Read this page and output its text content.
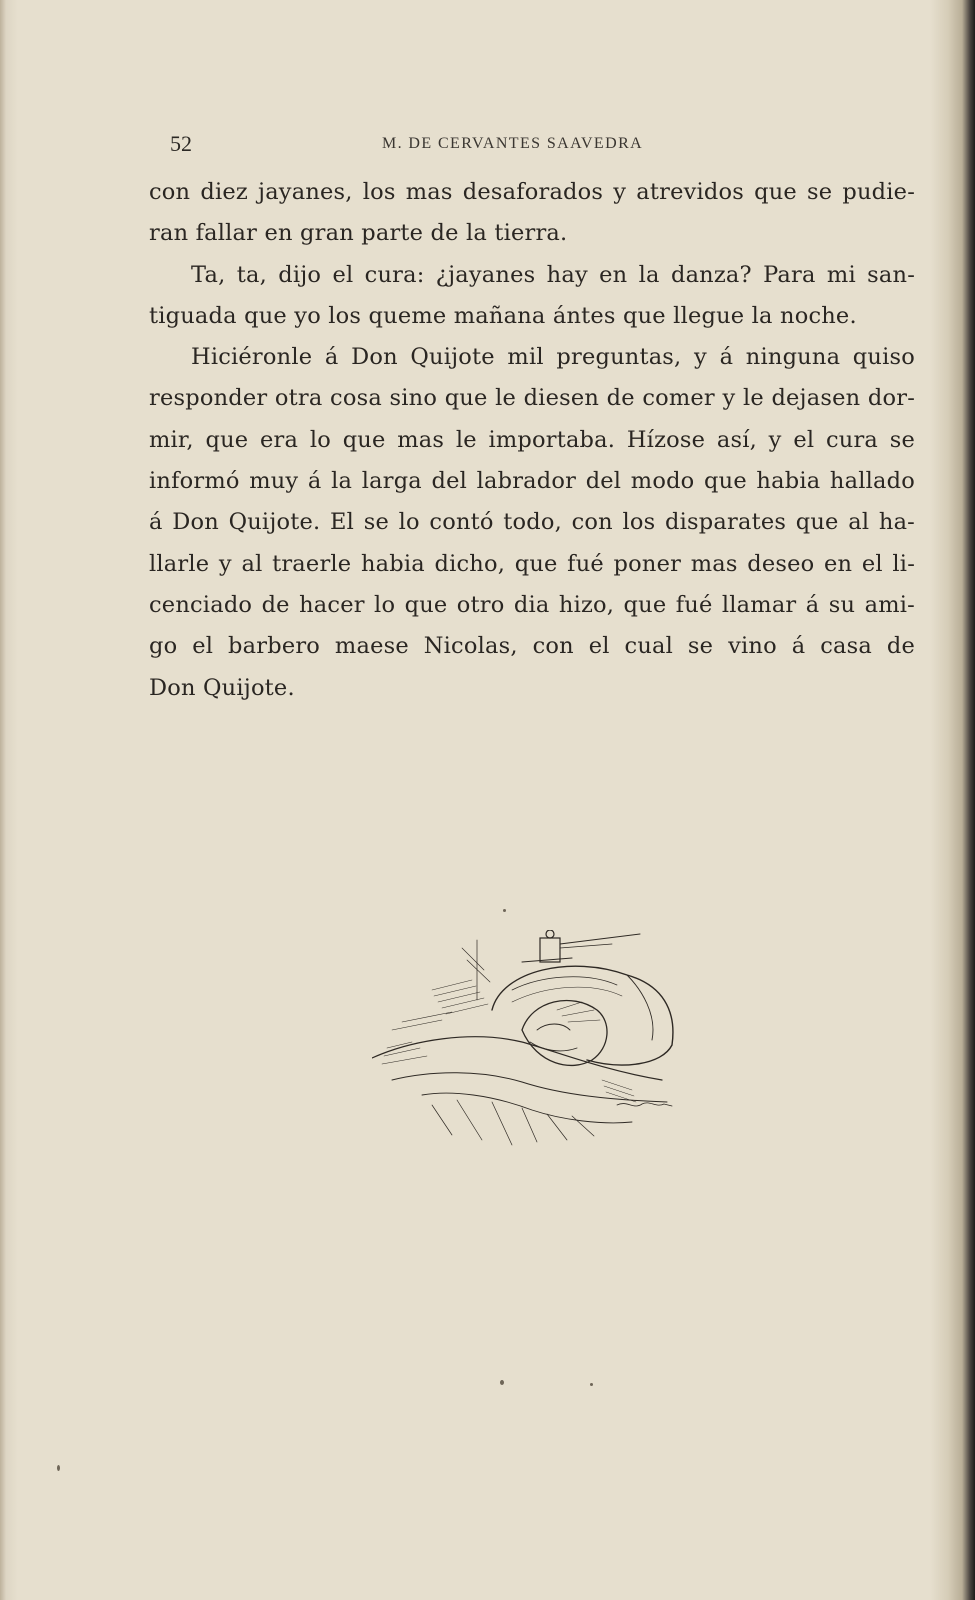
52	M. DE CERVANTES SAAVEDRA
con diez jayanes, los mas desaforados y atrevidos que se pudie-
ran fallar en gran parte de la tierra.
Ta, ta, dijo el cura: ¿jayanes hay en la danza? Para mi san-
tiguada que yo los queme mañana ántes que llegue la noche.
Hiciéronle á Don Quijote mil preguntas, y á ninguna quiso
responder otra cosa sino que le diesen de comer y le dejasen dor-
mir, que era lo que mas le importaba. Hízose así, y el cura se
informó muy á la larga del labrador del modo que habia hallado
á Don Quijote. El se lo contó todo, con los disparates que al ha-
llarle y al traerle habia dicho, que fué poner mas deseo en el li-
cenciado de hacer lo que otro dia hizo, que fué llamar á su ami-
go el barbero maese Nicolas, con el cual se vino á casa de
Don Quijote.
